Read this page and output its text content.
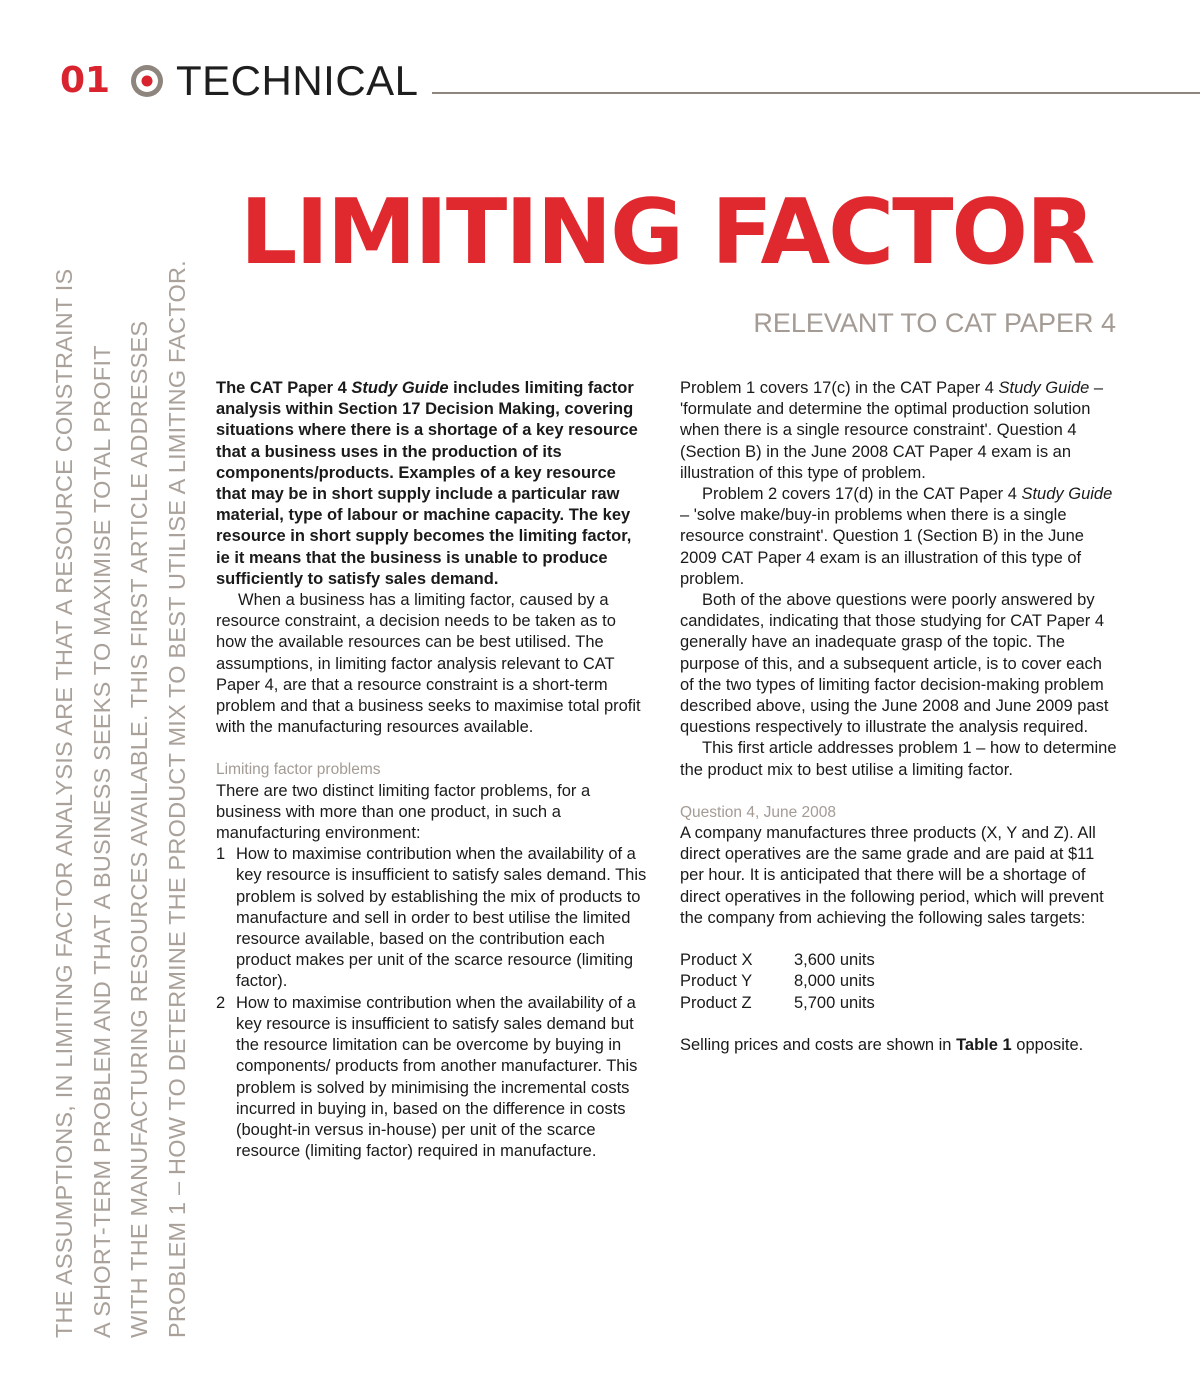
01 TECHNICAL
THE ASSUMPTIONS, IN LIMITING FACTOR ANALYSIS ARE THAT A RESOURCE CONSTRAINT IS A SHORT-TERM PROBLEM AND THAT A BUSINESS SEEKS TO MAXIMISE TOTAL PROFIT WITH THE MANUFACTURING RESOURCES AVAILABLE. THIS FIRST ARTICLE ADDRESSES PROBLEM 1 – HOW TO DETERMINE THE PRODUCT MIX TO BEST UTILISE A LIMITING FACTOR.
LIMITING FACTOR
RELEVANT TO CAT PAPER 4

The CAT Paper 4 Study Guide includes limiting factor analysis within Section 17 Decision Making, covering situations where there is a shortage of a key resource that a business uses in the production of its components/products. Examples of a key resource that may be in short supply include a particular raw material, type of labour or machine capacity. The key resource in short supply becomes the limiting factor, ie it means that the business is unable to produce sufficiently to satisfy sales demand.

When a business has a limiting factor, caused by a resource constraint, a decision needs to be taken as to how the available resources can be best utilised. The assumptions, in limiting factor analysis relevant to CAT Paper 4, are that a resource constraint is a short-term problem and that a business seeks to maximise total profit with the manufacturing resources available.

Limiting factor problems

There are two distinct limiting factor problems, for a business with more than one product, in such a manufacturing environment:

1 How to maximise contribution when the availability of a key resource is insufficient to satisfy sales demand. This problem is solved by establishing the mix of products to manufacture and sell in order to best utilise the limited resource available, based on the contribution each product makes per unit of the scarce resource (limiting factor).
2 How to maximise contribution when the availability of a key resource is insufficient to satisfy sales demand but the resource limitation can be overcome by buying in components/ products from another manufacturer. This problem is solved by minimising the incremental costs incurred in buying in, based on the difference in costs (bought-in versus in-house) per unit of the scarce resource (limiting factor) required in manufacture.

Problem 1 covers 17(c) in the CAT Paper 4 Study Guide – 'formulate and determine the optimal production solution when there is a single resource constraint'. Question 4 (Section B) in the June 2008 CAT Paper 4 exam is an illustration of this type of problem.

Problem 2 covers 17(d) in the CAT Paper 4 Study Guide – 'solve make/buy-in problems when there is a single resource constraint'. Question 1 (Section B) in the June 2009 CAT Paper 4 exam is an illustration of this type of problem.

Both of the above questions were poorly answered by candidates, indicating that those studying for CAT Paper 4 generally have an inadequate grasp of the topic. The purpose of this, and a subsequent article, is to cover each of the two types of limiting factor decision-making problem described above, using the June 2008 and June 2009 past questions respectively to illustrate the analysis required.

This first article addresses problem 1 – how to determine the product mix to best utilise a limiting factor.

Question 4, June 2008

A company manufactures three products (X, Y and Z). All direct operatives are the same grade and are paid at $11 per hour. It is anticipated that there will be a shortage of direct operatives in the following period, which will prevent the company from achieving the following sales targets:

Product X	3,600 units
Product Y	8,000 units
Product Z	5,700 units

Selling prices and costs are shown in Table 1 opposite.
